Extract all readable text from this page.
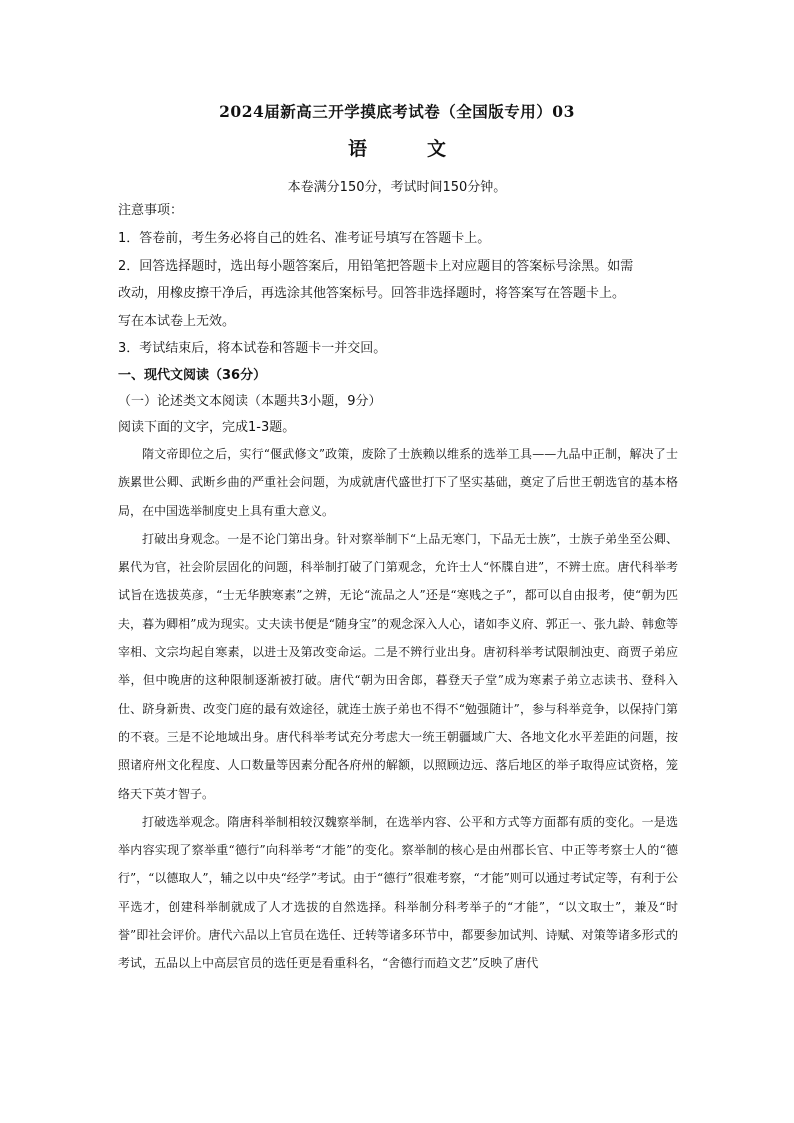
2024届新高三开学摸底考试卷（全国版专用）03
语	文
本卷满分150分，考试时间150分钟。
注意事项：
1．答卷前，考生务必将自己的姓名、准考证号填写在答题卡上。
2．回答选择题时，选出每小题答案后，用铅笔把答题卡上对应题目的答案标号涂黑。如需
改动，用橡皮擦干净后，再选涂其他答案标号。回答非选择题时，将答案写在答题卡上。
写在本试卷上无效。
3．考试结束后，将本试卷和答题卡一并交回。
一、现代文阅读（36分）
（一）论述类文本阅读（本题共3小题，9分）
阅读下面的文字，完成1-3题。

隋文帝即位之后，实行“偃武修文”政策，废除了士族赖以维系的选举工具——九品中正制，解决了士族累世公卿、武断乡曲的严重社会问题，为成就唐代盛世打下了坚实基础，奠定了后世王朝选官的基本格局，在中国选举制度史上具有重大意义。

打破出身观念。一是不论门第出身。针对察举制下“上品无寒门，下品无士族”，士族子弟坐至公卿、累代为官，社会阶层固化的问题，科举制打破了门第观念，允许士人“怀牒自进”，不辨士庶。唐代科举考试旨在选拔英彦，“士无华腴寒素”之辨，无论“流品之人”还是“寒贱之子”，都可以自由报考，使“朝为匹夫，暮为卿相”成为现实。丈夫读书便是“随身宝”的观念深入人心，诸如李义府、郭正一、张九龄、韩愈等宰相、文宗均起自寒素，以进士及第改变命运。二是不辨行业出身。唐初科举考试限制浊吏、商贾子弟应举，但中晚唐的这种限制逐渐被打破。唐代“朝为田舍郎，暮登天子堂”成为寒素子弟立志读书、登科入仕、跻身新贵、改变门庭的最有效途径，就连士族子弟也不得不“勉强随计”，参与科举竞争，以保持门第的不衰。三是不论地域出身。唐代科举考试充分考虑大一统王朝疆域广大、各地文化水平差距的问题，按照诸府州文化程度、人口数量等因素分配各府州的解额，以照顾边远、落后地区的举子取得应试资格，笼络天下英才智子。

打破选举观念。隋唐科举制相较汉魏察举制，在选举内容、公平和方式等方面都有质的变化。一是选举内容实现了察举重“德行”向科举考“才能”的变化。察举制的核心是由州郡长官、中正等考察士人的“德行”，“以德取人”，辅之以中央“经学”考试。由于“德行”很难考察，“才能”则可以通过考试定等，有利于公平选才，创建科举制就成了人才选拔的自然选择。科举制分科考举子的“才能”，“以文取士”，兼及“时誉”即社会评价。唐代六品以上官员在选任、迁转等诸多环节中，都要参加试判、诗赋、对策等诸多形式的考试，五品以上中高层官员的选任更是看重科名，“舍德行而趋文艺”反映了唐代
